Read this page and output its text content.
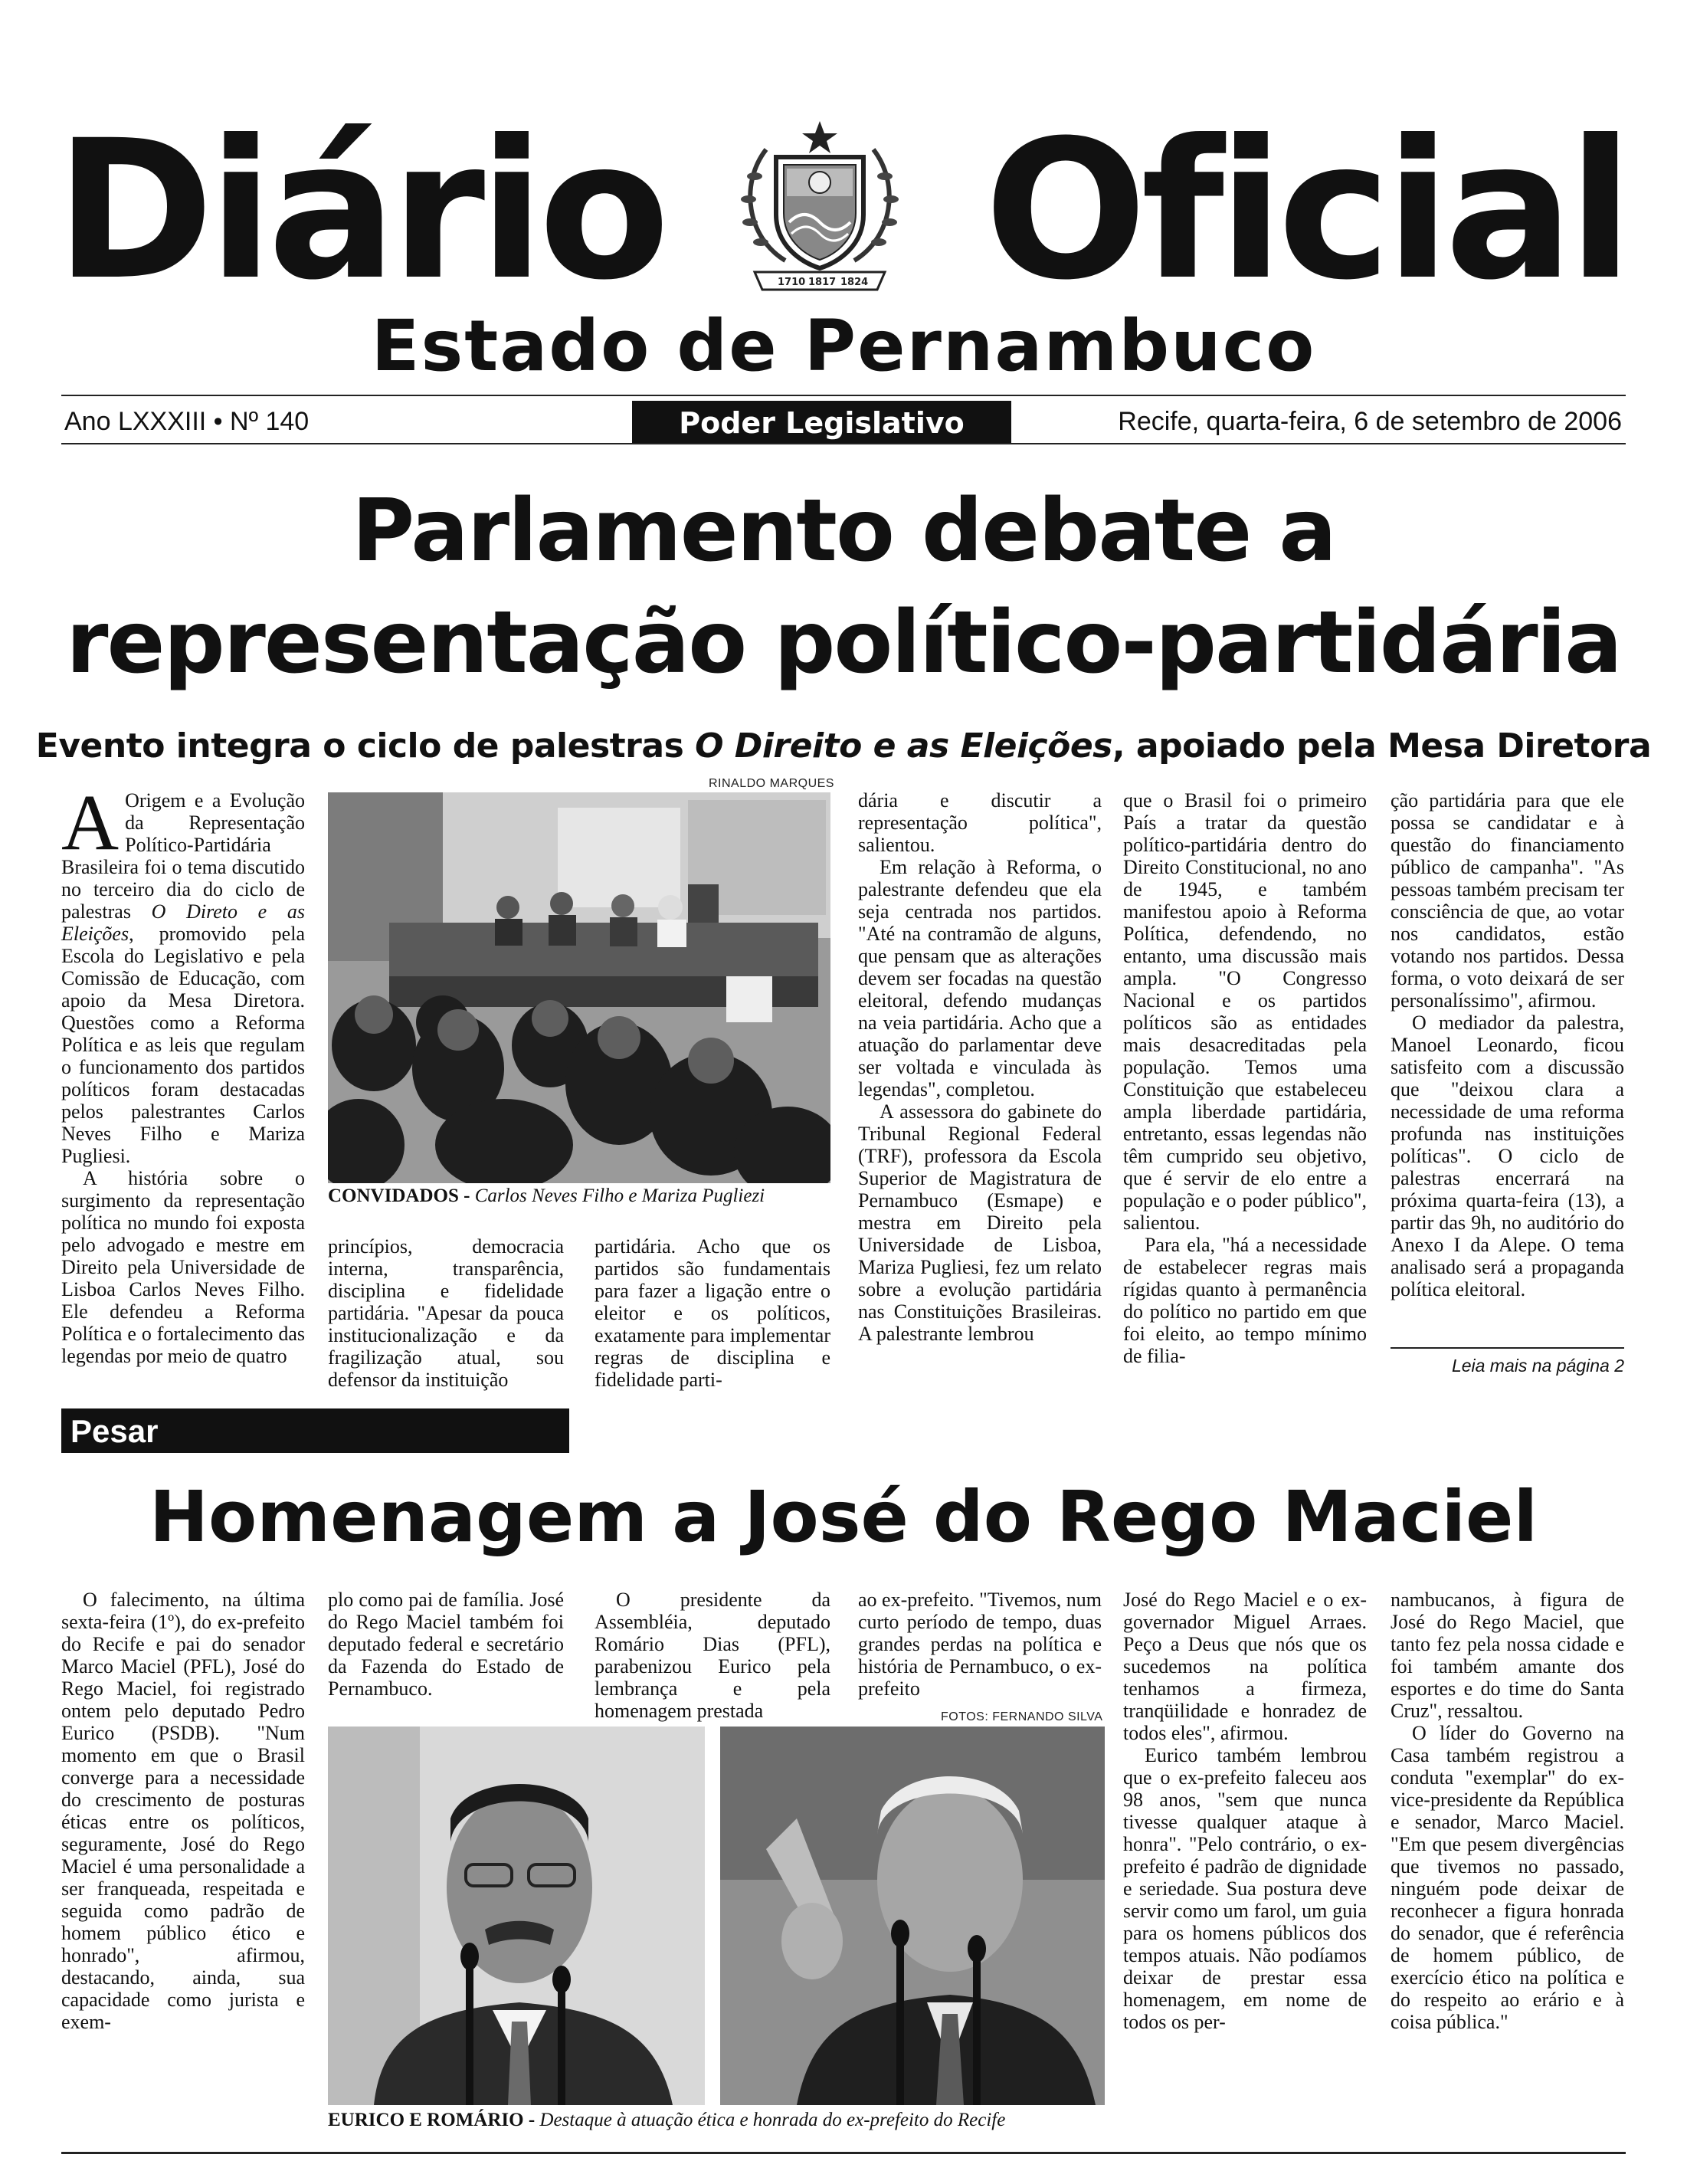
Diário Oficial
1710 1817 1824
Estado de Pernambuco
Ano LXXXIII • Nº 140	Poder Legislativo	Recife, quarta-feira, 6 de setembro de 2006
Parlamento debate a
representação político-partidária
Evento integra o ciclo de palestras O Direito e as Eleições, apoiado pela Mesa Diretora

A Origem e a Evolução da Representação Político-Partidária Brasileira foi o tema discutido no terceiro dia do ciclo de palestras O Direto e as Eleições, promovido pela Escola do Legislativo e pela Comissão de Educação, com apoio da Mesa Diretora. Questões como a Reforma Política e as leis que regulam o funcionamento dos partidos políticos foram destacadas pelos palestrantes Carlos Neves Filho e Mariza Pugliesi.

A história sobre o surgimento da representação política no mundo foi exposta pelo advogado e mestre em Direito pela Universidade de Lisboa Carlos Neves Filho. Ele defendeu a Reforma Política e o fortalecimento das legendas por meio de quatro

RINALDO MARQUES
CONVIDADOS - Carlos Neves Filho e Mariza Pugliezi

princípios, democracia interna, transparência, disciplina e fidelidade partidária. "Apesar da pouca institucionalização e da fragilização atual, sou defensor da instituição

partidária. Acho que os partidos são fundamentais para fazer a ligação entre o eleitor e os políticos, exatamente para implementar regras de disciplina e fidelidade parti-

dária e discutir a representação política", salientou.

Em relação à Reforma, o palestrante defendeu que ela seja centrada nos partidos. "Até na contramão de alguns, que pensam que as alterações devem ser focadas na questão eleitoral, defendo mudanças na veia partidária. Acho que a atuação do parlamentar deve ser voltada e vinculada às legendas", completou.

A assessora do gabinete do Tribunal Regional Federal (TRF), professora da Escola Superior de Magistratura de Pernambuco (Esmape) e mestra em Direito pela Universidade de Lisboa, Mariza Pugliesi, fez um relato sobre a evolução partidária nas Constituições Brasileiras. A palestrante lembrou

que o Brasil foi o primeiro País a tratar da questão político-partidária dentro do Direito Constitucional, no ano de 1945, e também manifestou apoio à Reforma Política, defendendo, no entanto, uma discussão mais ampla. "O Congresso Nacional e os partidos políticos são as entidades mais desacreditadas pela população. Temos uma Constituição que estabeleceu ampla liberdade partidária, entretanto, essas legendas não têm cumprido seu objetivo, que é servir de elo entre a população e o poder público", salientou.

Para ela, "há a necessidade de estabelecer regras mais rígidas quanto à permanência do político no partido em que foi eleito, ao tempo mínimo de filia-

ção partidária para que ele possa se candidatar e à questão do financiamento público de campanha". "As pessoas também precisam ter consciência de que, ao votar nos candidatos, estão votando nos partidos. Dessa forma, o voto deixará de ser personalíssimo", afirmou.

O mediador da palestra, Manoel Leonardo, ficou satisfeito com a discussão que "deixou clara a necessidade de uma reforma profunda nas instituições políticas". O ciclo de palestras encerrará na próxima quarta-feira (13), a partir das 9h, no auditório do Anexo I da Alepe. O tema analisado será a propaganda política eleitoral.

Leia mais na página 2
Pesar
Homenagem a José do Rego Maciel

O falecimento, na última sexta-feira (1º), do ex-prefeito do Recife e pai do senador Marco Maciel (PFL), José do Rego Maciel, foi registrado ontem pelo deputado Pedro Eurico (PSDB). "Num momento em que o Brasil converge para a necessidade do crescimento de posturas éticas entre os políticos, seguramente, José do Rego Maciel é uma personalidade a ser franqueada, respeitada e seguida como padrão de homem público ético e honrado", afirmou, destacando, ainda, sua capacidade como jurista e exem-

plo como pai de família. José do Rego Maciel também foi deputado federal e secretário da Fazenda do Estado de Pernambuco.

O presidente da Assembléia, deputado Romário Dias (PFL), parabenizou Eurico pela lembrança e pela homenagem prestada

ao ex-prefeito. "Tivemos, num curto período de tempo, duas grandes perdas na política e história de Pernambuco, o ex-prefeito

José do Rego Maciel e o ex-governador Miguel Arraes. Peço a Deus que nós que os sucedemos na política tenhamos a firmeza, tranqüilidade e honradez de todos eles", afirmou.

Eurico também lembrou que o ex-prefeito faleceu aos 98 anos, "sem que nunca tivesse qualquer ataque à honra". "Pelo contrário, o ex-prefeito é padrão de dignidade e seriedade. Sua postura deve servir como um farol, um guia para os homens públicos dos tempos atuais. Não podíamos deixar de prestar essa homenagem, em nome de todos os per-

nambucanos, à figura de José do Rego Maciel, que tanto fez pela nossa cidade e foi também amante dos esportes e do time do Santa Cruz", ressaltou.

O líder do Governo na Casa também registrou a conduta "exemplar" do ex-vice-presidente da República e senador, Marco Maciel. "Em que pesem divergências que tivemos no passado, ninguém pode deixar de reconhecer a figura honrada do senador, que é referência de homem público, de exercício ético na política e do respeito ao erário e à coisa pública."

FOTOS: FERNANDO SILVA
EURICO E ROMÁRIO - Destaque à atuação ética e honrada do ex-prefeito do Recife
